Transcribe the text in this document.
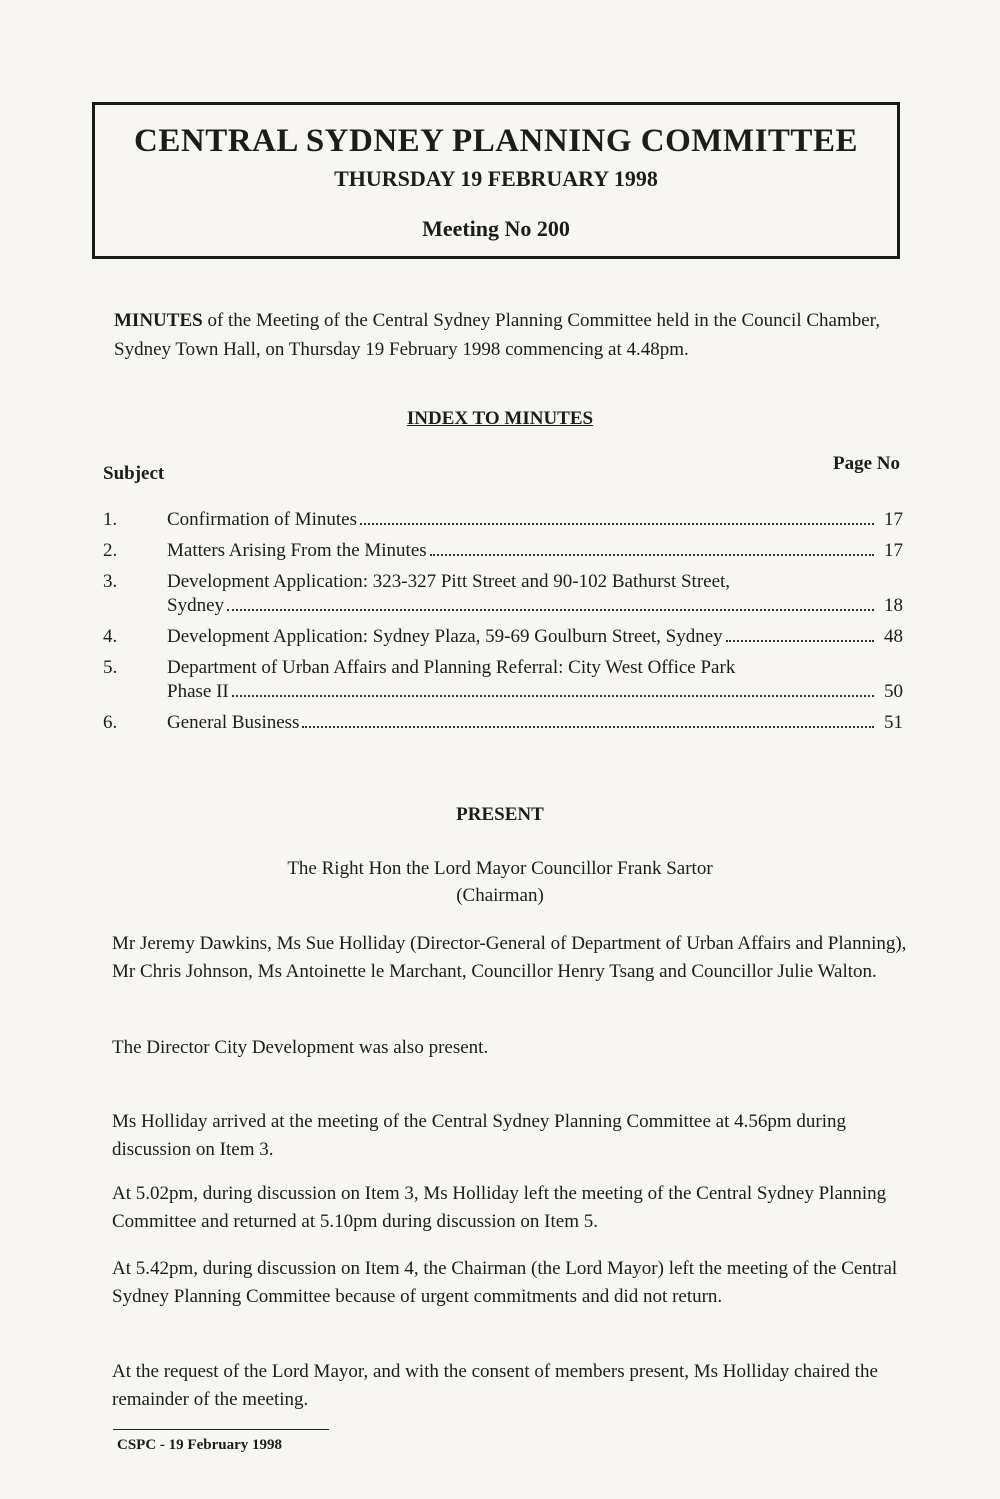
CENTRAL SYDNEY PLANNING COMMITTEE
THURSDAY 19 FEBRUARY 1998
Meeting No 200
MINUTES of the Meeting of the Central Sydney Planning Committee held in the Council Chamber, Sydney Town Hall, on Thursday 19 February 1998 commencing at 4.48pm.
INDEX TO MINUTES
Subject	Page No
1.	Confirmation of Minutes	17
2.	Matters Arising From the Minutes	17
3.	Development Application: 323-327 Pitt Street and 90-102 Bathurst Street,
Sydney	18
4.	Development Application: Sydney Plaza, 59-69 Goulburn Street, Sydney	48
5.	Department of Urban Affairs and Planning Referral: City West Office Park
Phase II	50
6.	General Business	51
PRESENT
The Right Hon the Lord Mayor Councillor Frank Sartor
(Chairman)
Mr Jeremy Dawkins, Ms Sue Holliday (Director-General of Department of Urban Affairs and Planning), Mr Chris Johnson, Ms Antoinette le Marchant, Councillor Henry Tsang and Councillor Julie Walton.
The Director City Development was also present.
Ms Holliday arrived at the meeting of the Central Sydney Planning Committee at 4.56pm during discussion on Item 3.
At 5.02pm, during discussion on Item 3, Ms Holliday left the meeting of the Central Sydney Planning Committee and returned at 5.10pm during discussion on Item 5.
At 5.42pm, during discussion on Item 4, the Chairman (the Lord Mayor) left the meeting of the Central Sydney Planning Committee because of urgent commitments and did not return.
At the request of the Lord Mayor, and with the consent of members present, Ms Holliday chaired the remainder of the meeting.
CSPC - 19 February 1998
